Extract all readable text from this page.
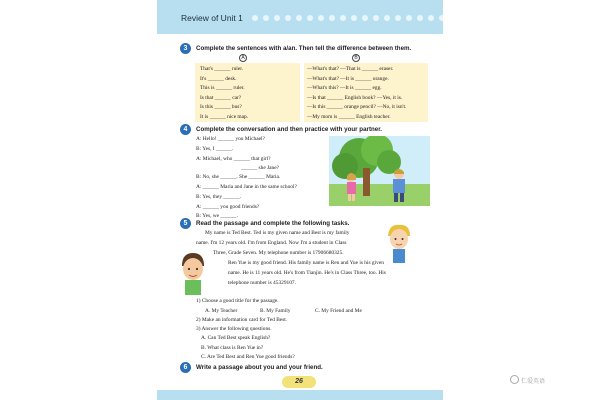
Review of Unit 1
3	Complete the sentences with a/an. Then tell the difference between them.
A	B
That's ______ ruler.
It's ______ desk.
This is ______ ruler.
Is that ______ car?
Is this ______ bus?
It is ______ nice map.
—What's that? —That is ______ eraser.
—What's that? —It is ______ orange.
—What's this? —It is ______ egg.
—Is that ______ English book? —Yes, it is.
—Is this ______ orange pencil? —No, it isn't.
—My mom is ______ English teacher.
4	Complete the conversation and then practice with your partner.
A: Hello! ______ you Michael?
B: Yes, I ______.
A: Michael, who ______ that girl?
______ she Jane?
B: No, she ______. She ______ Maria.
A: ______ Maria and Jane in the same school?
B: Yes, they ______.
A: ______ you good friends?
B: Yes, we ______.
5	Read the passage and complete the following tasks.
My name is Ted Best. Ted is my given name and Best is my family
name. I'm 12 years old. I'm from England. Now I'm a student in Class
Three, Grade Seven. My telephone number is 17906680325.
Ren Yue is my good friend. His family name is Ren and Yue is his given
name. He is 11 years old. He's from Tianjin. He's in Class Three, too. His
telephone number is 45329107.
1) Choose a good title for the passage.
A. My Teacher	B. My Family	C. My Friend and Me
2) Make an information card for Ted Best.
3) Answer the following questions.
A. Can Ted Best speak English?
B. What class is Ren Yue in?
C. Are Ted Best and Ren Yue good friends?
6	Write a passage about you and your friend.
26	仁爱英语
